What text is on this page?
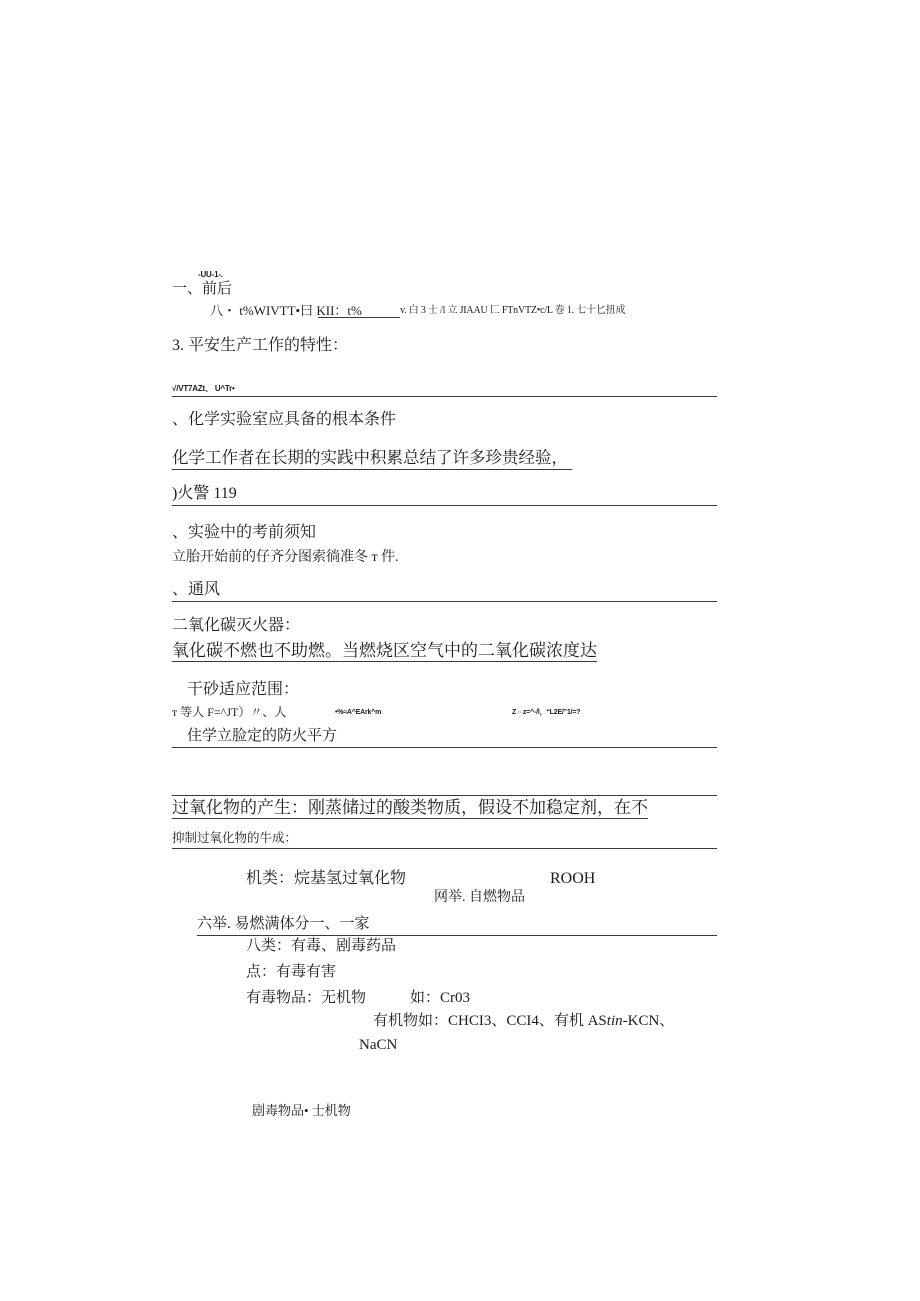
-UU-1-.
一、前后
八・ t%WIVTT•曰 KII：t%	v. 白 3 士 /l 立 JIAAU 匚 FTnVTZ•c/L 卷 1. 七十匕扭成
3. 平安生产工作的特性：
√/VT7AZt、 U^Tr•
、化学实验室应具备的根本条件
化学工作者在长期的实践中积累总结了许多珍贵经验，
)火警 119
、实验中的考前须知
立胎开始前的仔齐分图索徜准冬 т 件.
、通风
二氧化碳灭火器：
氧化碳不燃也不助燃。当燃烧区空气中的二氧化碳浓度达
干砂适应范围：
т 等人 F=^JT）〃、人	•%≈A^EArk^m	Z⇔z=^-/l，“L2E/”1/=?
住学立脸定的防火平方
过氧化物的产生：刚蒸储过的酸类物质，假设不加稳定剂，在不
抑制过氧化物的牛成：
机类：烷基氢过氧化物	ROOH
网举. 自燃物品
六举. 易燃满体分一、一家
八类：有毒、剧毒药品
点：有毒有害
有毒物品：无机物	如：Cr03
有机物如：CHCI3、CCI4、有机 AStin-KCN、
NaCN
剧毒物品• 士机物
